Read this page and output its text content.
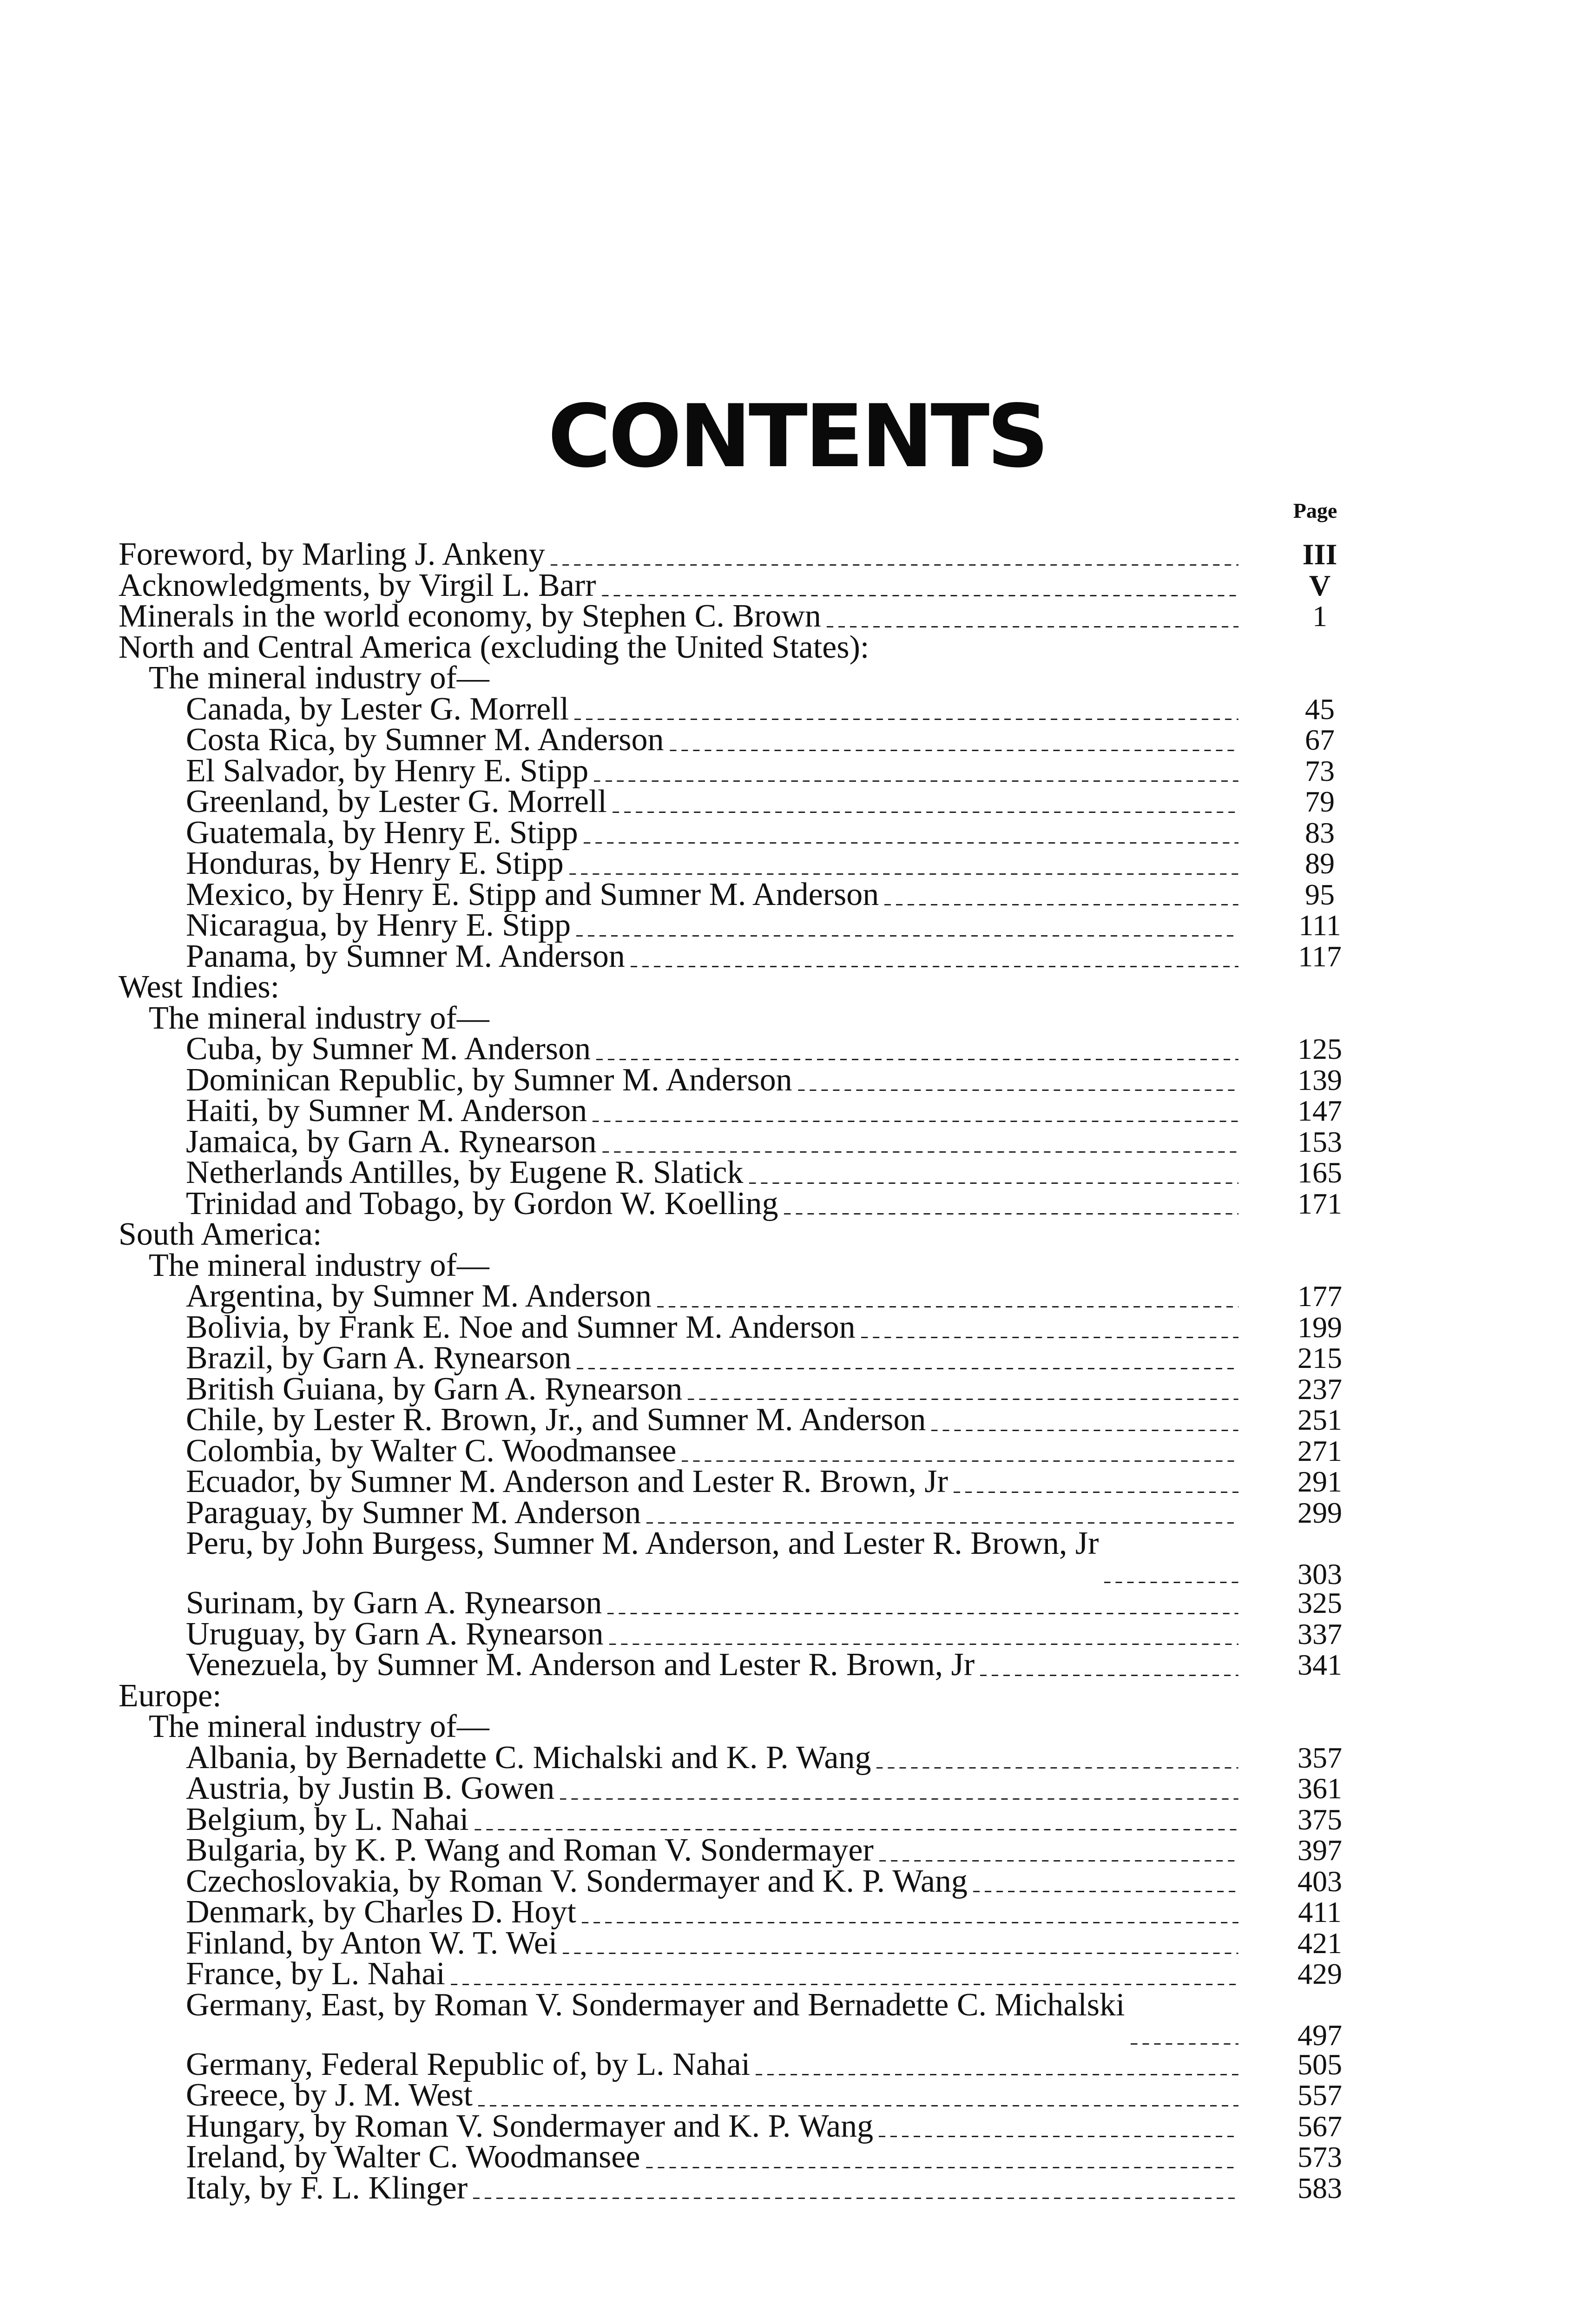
CONTENTS
Page
Foreword, by Marling J. Ankeny	III
Acknowledgments, by Virgil L. Barr	V
Minerals in the world economy, by Stephen C. Brown	1
North and Central America (excluding the United States):
The mineral industry of—
Canada, by Lester G. Morrell	45
Costa Rica, by Sumner M. Anderson	67
El Salvador, by Henry E. Stipp	73
Greenland, by Lester G. Morrell	79
Guatemala, by Henry E. Stipp	83
Honduras, by Henry E. Stipp	89
Mexico, by Henry E. Stipp and Sumner M. Anderson	95
Nicaragua, by Henry E. Stipp	111
Panama, by Sumner M. Anderson	117
West Indies:
The mineral industry of—
Cuba, by Sumner M. Anderson	125
Dominican Republic, by Sumner M. Anderson	139
Haiti, by Sumner M. Anderson	147
Jamaica, by Garn A. Rynearson	153
Netherlands Antilles, by Eugene R. Slatick	165
Trinidad and Tobago, by Gordon W. Koelling	171
South America:
The mineral industry of—
Argentina, by Sumner M. Anderson	177
Bolivia, by Frank E. Noe and Sumner M. Anderson	199
Brazil, by Garn A. Rynearson	215
British Guiana, by Garn A. Rynearson	237
Chile, by Lester R. Brown, Jr., and Sumner M. Anderson	251
Colombia, by Walter C. Woodmansee	271
Ecuador, by Sumner M. Anderson and Lester R. Brown, Jr	291
Paraguay, by Sumner M. Anderson	299
Peru, by John Burgess, Sumner M. Anderson, and Lester R. Brown, Jr
303
Surinam, by Garn A. Rynearson	325
Uruguay, by Garn A. Rynearson	337
Venezuela, by Sumner M. Anderson and Lester R. Brown, Jr	341
Europe:
The mineral industry of—
Albania, by Bernadette C. Michalski and K. P. Wang	357
Austria, by Justin B. Gowen	361
Belgium, by L. Nahai	375
Bulgaria, by K. P. Wang and Roman V. Sondermayer	397
Czechoslovakia, by Roman V. Sondermayer and K. P. Wang	403
Denmark, by Charles D. Hoyt	411
Finland, by Anton W. T. Wei	421
France, by L. Nahai	429
Germany, East, by Roman V. Sondermayer and Bernadette C. Michalski
497
Germany, Federal Republic of, by L. Nahai	505
Greece, by J. M. West	557
Hungary, by Roman V. Sondermayer and K. P. Wang	567
Ireland, by Walter C. Woodmansee	573
Italy, by F. L. Klinger	583
